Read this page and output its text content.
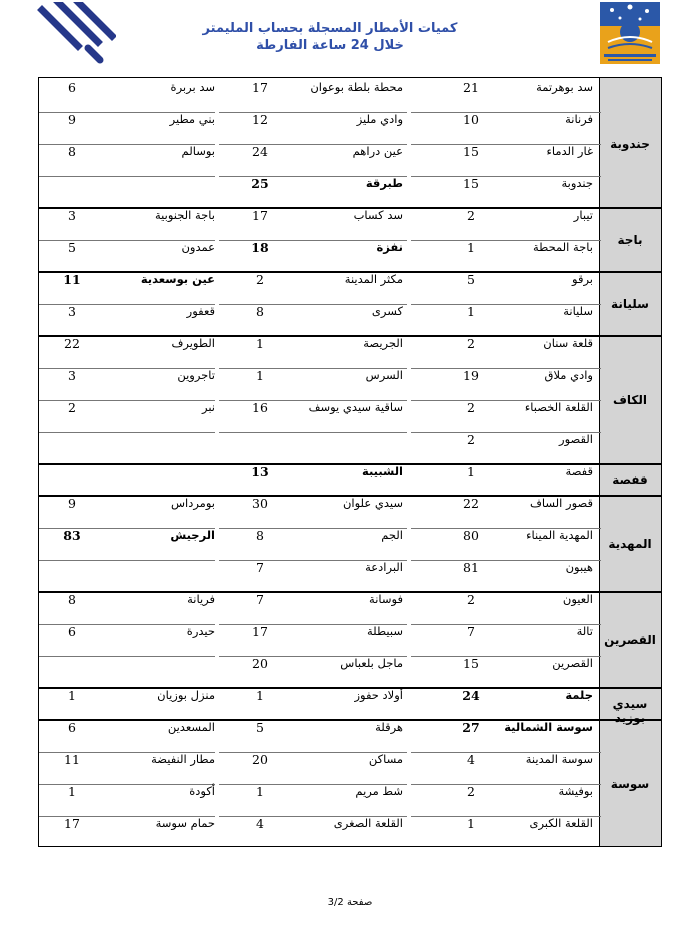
كميات الأمطار المسجلة بحساب المليمتر
خلال 24 ساعة الفارطة
سد بوهرتمة
21
محطة بلطة بوعوان
17
سد بربرة
6
فرنانة
10
وادي مليز
12
بني مطير
9
غار الدماء
15
عين دراهم
24
بوسالم
8
جندوبة
15
طبرقة
25
جندوبة
تيبار
2
سد كساب
17
باجة الجنوبية
3
باجة المحطة
1
نفزة
18
عمدون
5	باجة
برقو
5
مكثر المدينة
2
عين بوسعدية
11
سليانة
1
كسرى
8
قعفور
3	سليانة
قلعة سنان
2
الجريصة
1
الطويرف
22
وادي ملاق
19
السرس
1
تاجروين
3
القلعة الخصباء
2
ساقية سيدي يوسف
16
نبر
2
القصور
2
الكاف
قفصة
1
الشبيبة
13
قفصة
قصور الساف
22
سيدي علوان
30
بومرداس
9
المهدية الميناء
80
الجم
8
الرجيش
83
هيبون
81
البرادعة
7
المهدية
العيون
2
فوسانة
7
فريانة
8
تالة
7
سبيطلة
17
حيدرة
6
القصرين
15
ماجل بلعباس
20
القصرين
جلمة
24
أولاد حفوز
1
منزل بوزيان
1
سيدي بوزيد
سوسة الشمالية
27
هرقلة
5
المسعدين
6
سوسة المدينة
4
مساكن
20
مطار النفيضة
11
بوفيشة
2
شط مريم
1
أكودة
1
القلعة الكبرى
1
القلعة الصغرى
4
حمام سوسة
17
سوسة
صفحة 3/2
